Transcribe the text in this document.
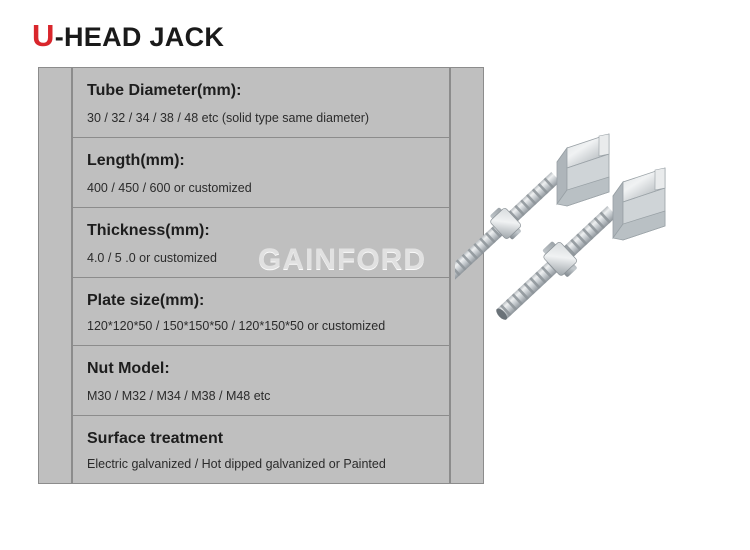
U-HEAD JACK
Tube Diameter(mm):
30 / 32 / 34 / 38 / 48 etc (solid type same diameter)
Length(mm):
400 / 450 / 600 or customized
Thickness(mm):
4.0 / 5 .0 or customized
Plate size(mm):
120*120*50 / 150*150*50 / 120*150*50 or customized
Nut Model:
M30 / M32 / M34 / M38 / M48 etc
Surface treatment
Electric galvanized / Hot dipped galvanized or Painted
GAINFORD
